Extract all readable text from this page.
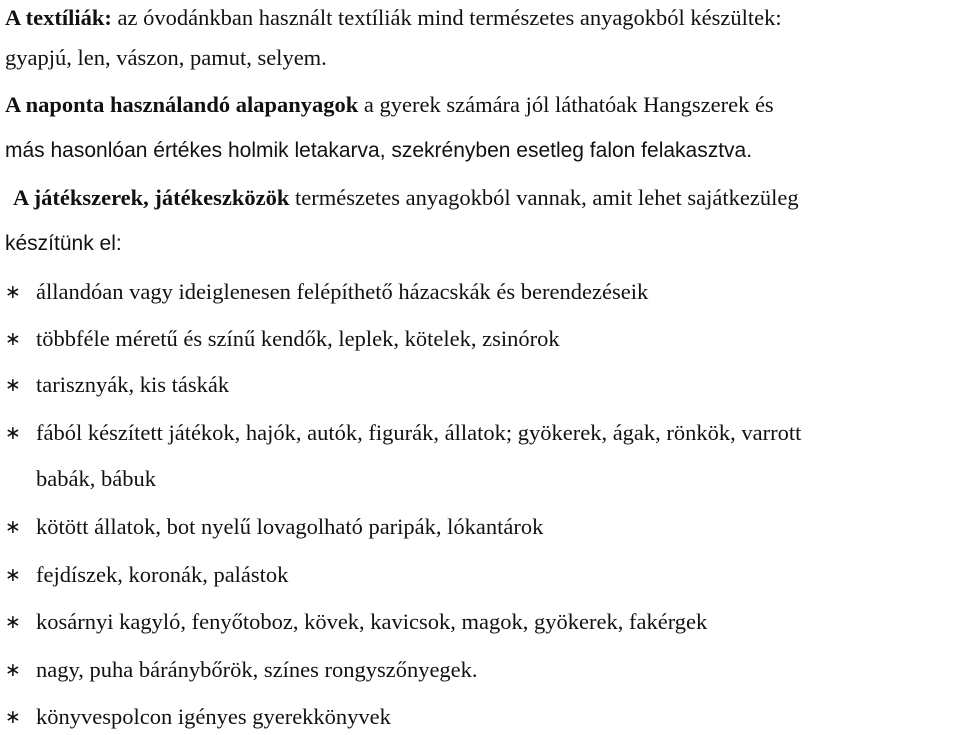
A textíliák: az óvodánkban használt textíliák mind természetes anyagokból készültek:
gyapjú, len, vászon, pamut, selyem.
A naponta használandó alapanyagok a gyerek számára jól láthatóak Hangszerek és
más hasonlóan értékes holmik letakarva, szekrényben esetleg falon felakasztva.
A játékszerek, játékeszközök természetes anyagokból vannak, amit lehet sajátkezüleg
készítünk el:
∗ állandóan vagy ideiglenesen felépíthető házacskák és berendezéseik
∗ többféle méretű és színű kendők, leplek, kötelek, zsinórok
∗ tarisznyák, kis táskák
∗ fából készített játékok, hajók, autók, figurák, állatok; gyökerek, ágak, rönkök, varrott
babák, bábuk
∗ kötött állatok, bot nyelű lovagolható paripák, lókantárok
∗ fejdíszek, koronák, palástok
∗ kosárnyi kagyló, fenyőtoboz, kövek, kavicsok, magok, gyökerek, fakérgek
∗ nagy, puha báránybőrök, színes rongyszőnyegek.
∗ könyvespolcon igényes gyerekkönyvek
